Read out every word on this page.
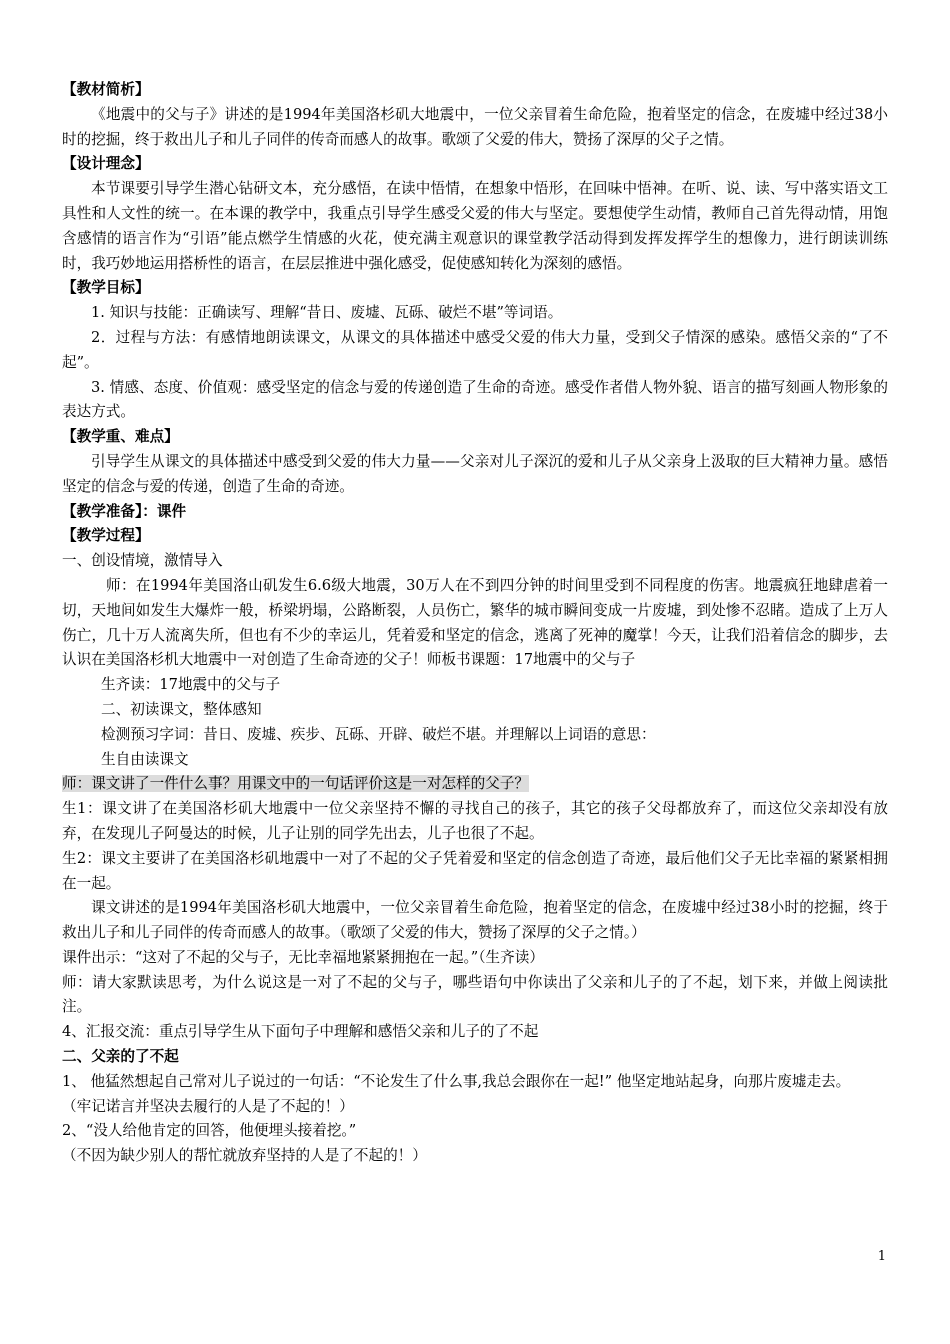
【教材简析】

《地震中的父与子》讲述的是1994年美国洛杉矶大地震中，一位父亲冒着生命危险，抱着坚定的信念，在废墟中经过38小时的挖掘，终于救出儿子和儿子同伴的传奇而感人的故事。歌颂了父爱的伟大，赞扬了深厚的父子之情。

【设计理念】

本节课要引导学生潜心钻研文本，充分感悟，在读中悟情，在想象中悟形，在回味中悟神。在听、说、读、写中落实语文工具性和人文性的统一。在本课的教学中，我重点引导学生感受父爱的伟大与坚定。要想使学生动情，教师自己首先得动情，用饱含感情的语言作为“引语”能点燃学生情感的火花，使充满主观意识的课堂教学活动得到发挥发挥学生的想像力，进行朗读训练时，我巧妙地运用搭桥性的语言，在层层推进中强化感受，促使感知转化为深刻的感悟。

【教学目标】

1. 知识与技能：正确读写、理解“昔日、废墟、瓦砾、破烂不堪”等词语。

2．过程与方法：有感情地朗读课文，从课文的具体描述中感受父爱的伟大力量，受到父子情深的感染。感悟父亲的“了不起”。

3. 情感、态度、价值观：感受坚定的信念与爱的传递创造了生命的奇迹。感受作者借人物外貌、语言的描写刻画人物形象的表达方式。

【教学重、难点】

引导学生从课文的具体描述中感受到父爱的伟大力量——父亲对儿子深沉的爱和儿子从父亲身上汲取的巨大精神力量。感悟坚定的信念与爱的传递，创造了生命的奇迹。

【教学准备】：课件

【教学过程】

一、创设情境，激情导入

师：在1994年美国洛山矶发生6.6级大地震，30万人在不到四分钟的时间里受到不同程度的伤害。地震疯狂地肆虐着一切，天地间如发生大爆炸一般，桥梁坍塌，公路断裂，人员伤亡，繁华的城市瞬间变成一片废墟，到处惨不忍睹。造成了上万人伤亡，几十万人流离失所，但也有不少的幸运儿，凭着爱和坚定的信念，逃离了死神的魔掌！今天，让我们沿着信念的脚步，去认识在美国洛杉机大地震中一对创造了生命奇迹的父子！师板书课题：17地震中的父与子

生齐读：17地震中的父与子

二、初读课文，整体感知

检测预习字词：昔日、废墟、疾步、瓦砾、开辟、破烂不堪。并理解以上词语的意思：

生自由读课文

师：课文讲了一件什么事？用课文中的一句话评价这是一对怎样的父子？

生1：课文讲了在美国洛杉矶大地震中一位父亲坚持不懈的寻找自己的孩子，其它的孩子父母都放弃了，而这位父亲却没有放弃，在发现儿子阿曼达的时候，儿子让别的同学先出去，儿子也很了不起。

生2：课文主要讲了在美国洛杉矶地震中一对了不起的父子凭着爱和坚定的信念创造了奇迹，最后他们父子无比幸福的紧紧相拥在一起。

课文讲述的是1994年美国洛杉矶大地震中，一位父亲冒着生命危险，抱着坚定的信念，在废墟中经过38小时的挖掘，终于救出儿子和儿子同伴的传奇而感人的故事。（歌颂了父爱的伟大，赞扬了深厚的父子之情。）

课件出示：“这对了不起的父与子，无比幸福地紧紧拥抱在一起。”（生齐读）

师：请大家默读思考，为什么说这是一对了不起的父与子，哪些语句中你读出了父亲和儿子的了不起，划下来，并做上阅读批注。

4、汇报交流：重点引导学生从下面句子中理解和感悟父亲和儿子的了不起

二、父亲的了不起

1、 他猛然想起自己常对儿子说过的一句话：“不论发生了什么事,我总会跟你在一起!” 他坚定地站起身，向那片废墟走去。

（牢记诺言并坚决去履行的人是了不起的！）

2、“没人给他肯定的回答，他便埋头接着挖。”

（不因为缺少别人的帮忙就放弃坚持的人是了不起的！）

1
